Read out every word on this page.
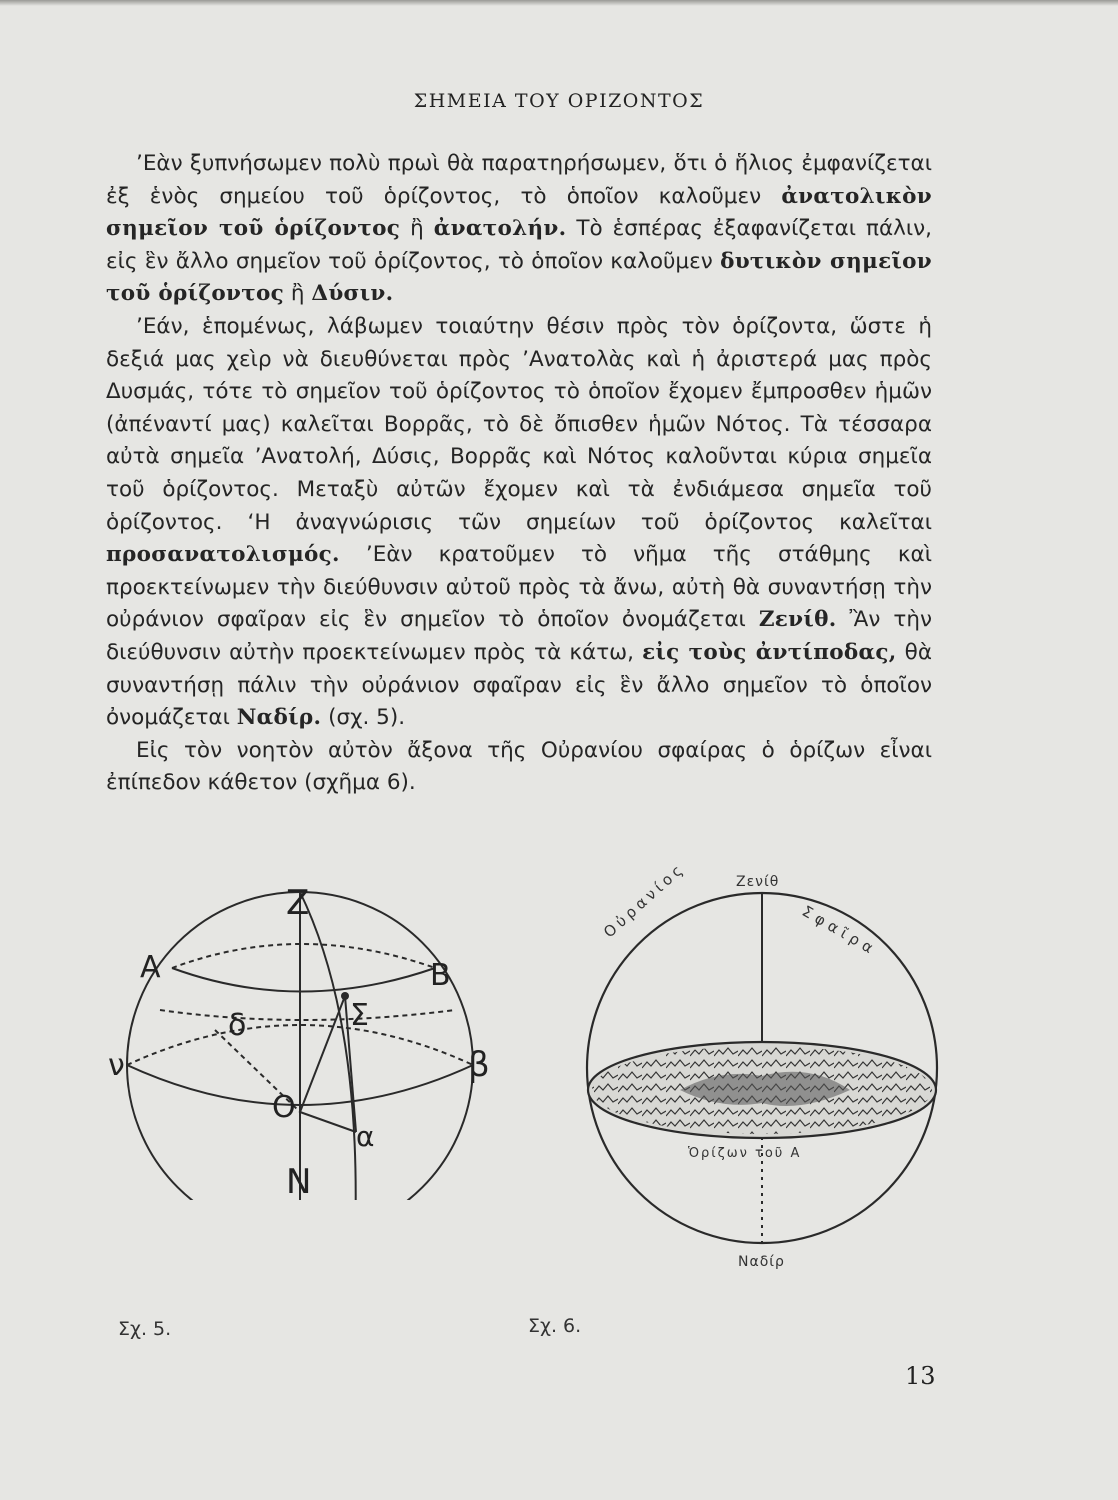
ΣΗΜΕΙΑ ΤΟΥ ΟΡΙΖΟΝΤΟΣ

’Εὰν ξυπνήσωμεν πολὺ πρωὶ θὰ παρατηρήσωμεν, ὅτι ὁ ἥλιος ἐμφανίζεται ἐξ ἑνὸς σημείου τοῦ ὁρίζοντος, τὸ ὁποῖον καλοῦμεν ἀνατολικὸν σημεῖον τοῦ ὁρίζοντος ἢ ἀνατολήν. Τὸ ἑσπέρας ἐξαφανίζεται πάλιν, εἰς ἓν ἄλλο σημεῖον τοῦ ὁρίζοντος, τὸ ὁποῖον καλοῦμεν δυτικὸν σημεῖον τοῦ ὁρίζοντος ἢ Δύσιν.

’Εάν, ἑπομένως, λάβωμεν τοιαύτην θέσιν πρὸς τὸν ὁρίζοντα, ὥστε ἡ δεξιά μας χεὶρ νὰ διευθύνεται πρὸς ’Ανατολὰς καὶ ἡ ἀριστερά μας πρὸς Δυσμάς, τότε τὸ σημεῖον τοῦ ὁρίζοντος τὸ ὁποῖον ἔχομεν ἔμπροσθεν ἡμῶν (ἀπέναντί μας) καλεῖται Βορρᾶς, τὸ δὲ ὄπισθεν ἡμῶν Νότος. Τὰ τέσσαρα αὐτὰ σημεῖα ’Ανατολή, Δύσις, Βορρᾶς καὶ Νότος καλοῦνται κύρια σημεῖα τοῦ ὁρίζοντος. Μεταξὺ αὐτῶν ἔχομεν καὶ τὰ ἐνδιάμεσα σημεῖα τοῦ ὁρίζοντος. ‘Η ἀναγνώρισις τῶν σημείων τοῦ ὁρίζοντος καλεῖται προσανατολισμός. ’Εὰν κρατοῦμεν τὸ νῆμα τῆς στάθμης καὶ προεκτείνωμεν τὴν διεύθυνσιν αὐτοῦ πρὸς τὰ ἄνω, αὐτὴ θὰ συναντήσῃ τὴν οὐράνιον σφαῖραν εἰς ἓν σημεῖον τὸ ὁποῖον ὀνομάζεται Ζενίθ. Ἂν τὴν διεύθυνσιν αὐτὴν προεκτείνωμεν πρὸς τὰ κάτω, εἰς τοὺς ἀντίποδας, θὰ συναντήσῃ πάλιν τὴν οὐράνιον σφαῖραν εἰς ἓν ἄλλο σημεῖον τὸ ὁποῖον ὀνομάζεται Ναδίρ. (σχ. 5).

Εἰς τὸν νοητὸν αὐτὸν ἄξονα τῆς Οὐρανίου σφαίρας ὁ ὁρίζων εἶναι ἐπίπεδον κάθετον (σχῆμα 6).

Z
N
A	B
δ	Σ
ν	β
O
α
Ζενίθ
Ναδίρ
Οὐρανίος	Σφαῖρα
Ὁρίζων τοῦ Α
Σχ. 5.	Σχ. 6.
13
